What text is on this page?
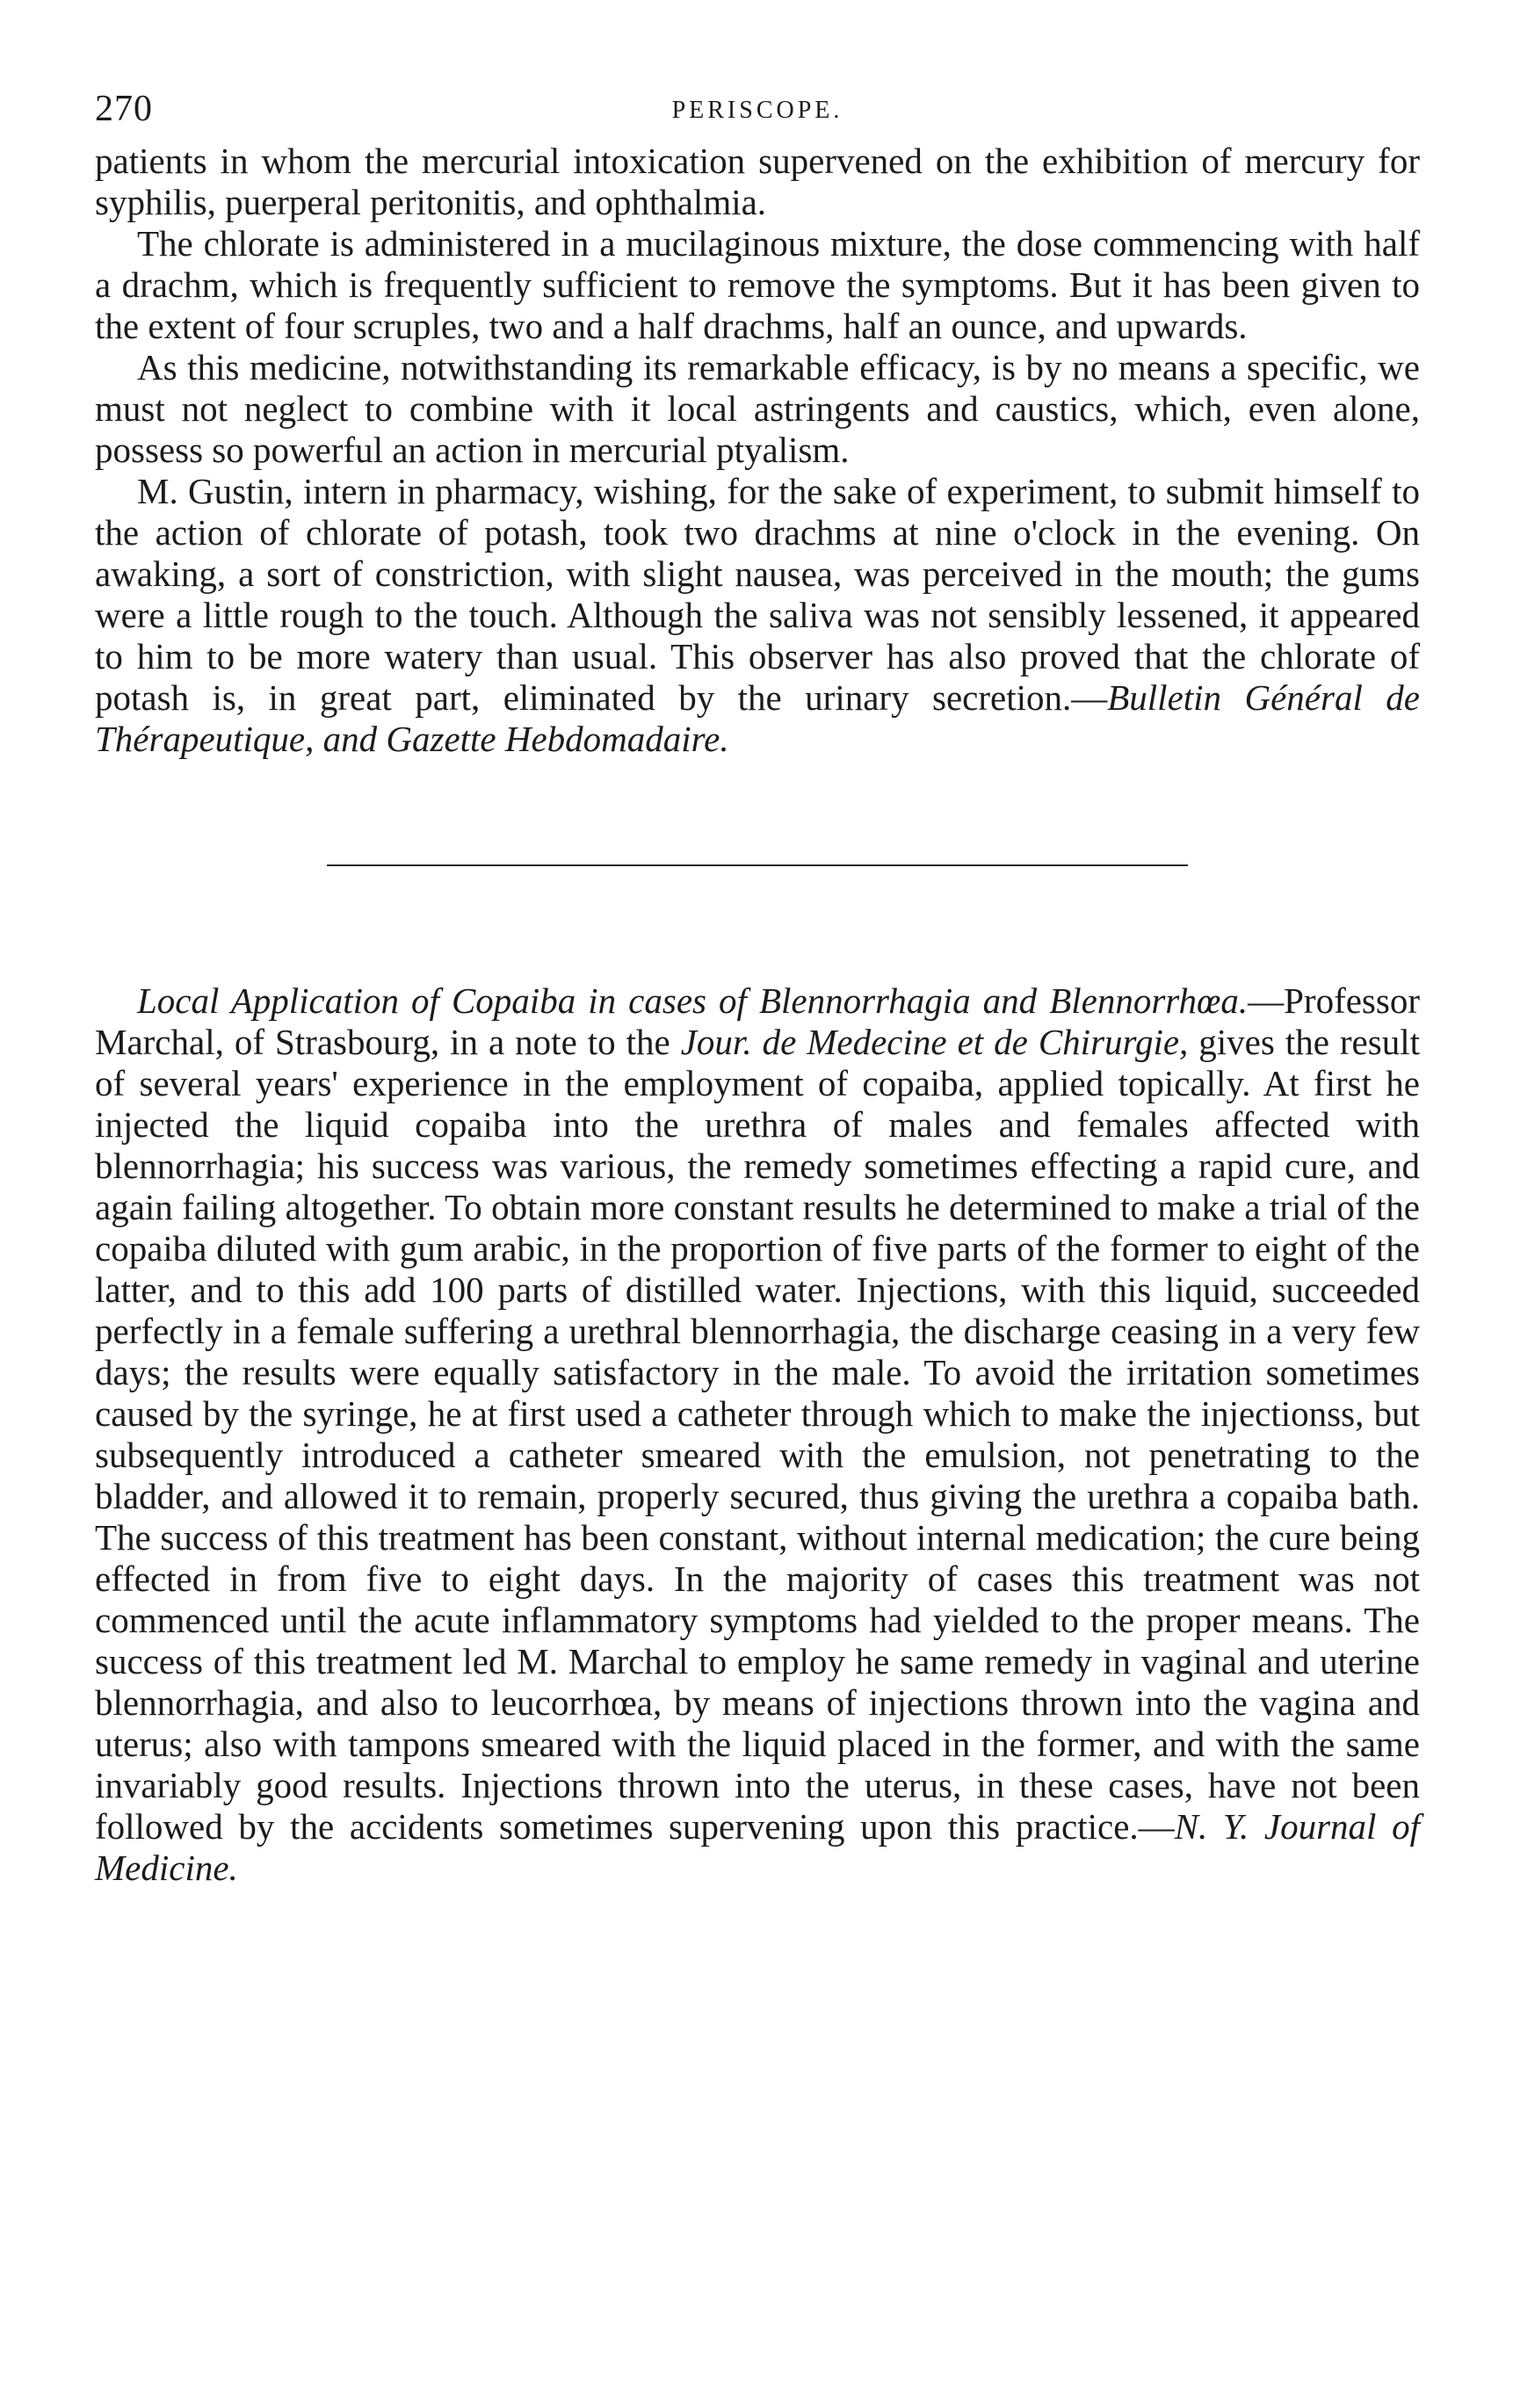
270	PERISCOPE.

patients in whom the mercurial intoxication supervened on the exhibition of mercury for syphilis, puerperal peritonitis, and ophthalmia.

The chlorate is administered in a mucilaginous mixture, the dose commencing with half a drachm, which is frequently sufficient to remove the symptoms. But it has been given to the extent of four scruples, two and a half drachms, half an ounce, and upwards.

As this medicine, notwithstanding its remarkable efficacy, is by no means a specific, we must not neglect to combine with it local astringents and caustics, which, even alone, possess so powerful an action in mercurial ptyalism.

M. Gustin, intern in pharmacy, wishing, for the sake of experiment, to submit himself to the action of chlorate of potash, took two drachms at nine o'clock in the evening. On awaking, a sort of constriction, with slight nausea, was perceived in the mouth; the gums were a little rough to the touch. Although the saliva was not sensibly lessened, it appeared to him to be more watery than usual. This observer has also proved that the chlorate of potash is, in great part, eliminated by the urinary secretion.—Bulletin Général de Thérapeutique, and Gazette Hebdomadaire.

Local Application of Copaiba in cases of Blennorrhagia and Blennorrhœa.—Professor Marchal, of Strasbourg, in a note to the Jour. de Medecine et de Chirurgie, gives the result of several years' experience in the employment of copaiba, applied topically. At first he injected the liquid copaiba into the urethra of males and females affected with blennorrhagia; his success was various, the remedy sometimes effecting a rapid cure, and again failing altogether. To obtain more constant results he determined to make a trial of the copaiba diluted with gum arabic, in the proportion of five parts of the former to eight of the latter, and to this add 100 parts of distilled water. Injections, with this liquid, succeeded perfectly in a female suffering a urethral blennorrhagia, the discharge ceasing in a very few days; the results were equally satisfactory in the male. To avoid the irritation sometimes caused by the syringe, he at first used a catheter through which to make the injectionss, but subsequently introduced a catheter smeared with the emulsion, not penetrating to the bladder, and allowed it to remain, properly secured, thus giving the urethra a copaiba bath. The success of this treatment has been constant, without internal medication; the cure being effected in from five to eight days. In the majority of cases this treatment was not commenced until the acute inflammatory symptoms had yielded to the proper means. The success of this treatment led M. Marchal to employ he same remedy in vaginal and uterine blennorrhagia, and also to leucorrhœa, by means of injections thrown into the vagina and uterus; also with tampons smeared with the liquid placed in the former, and with the same invariably good results. Injections thrown into the uterus, in these cases, have not been followed by the accidents sometimes supervening upon this practice.—N. Y. Journal of Medicine.
